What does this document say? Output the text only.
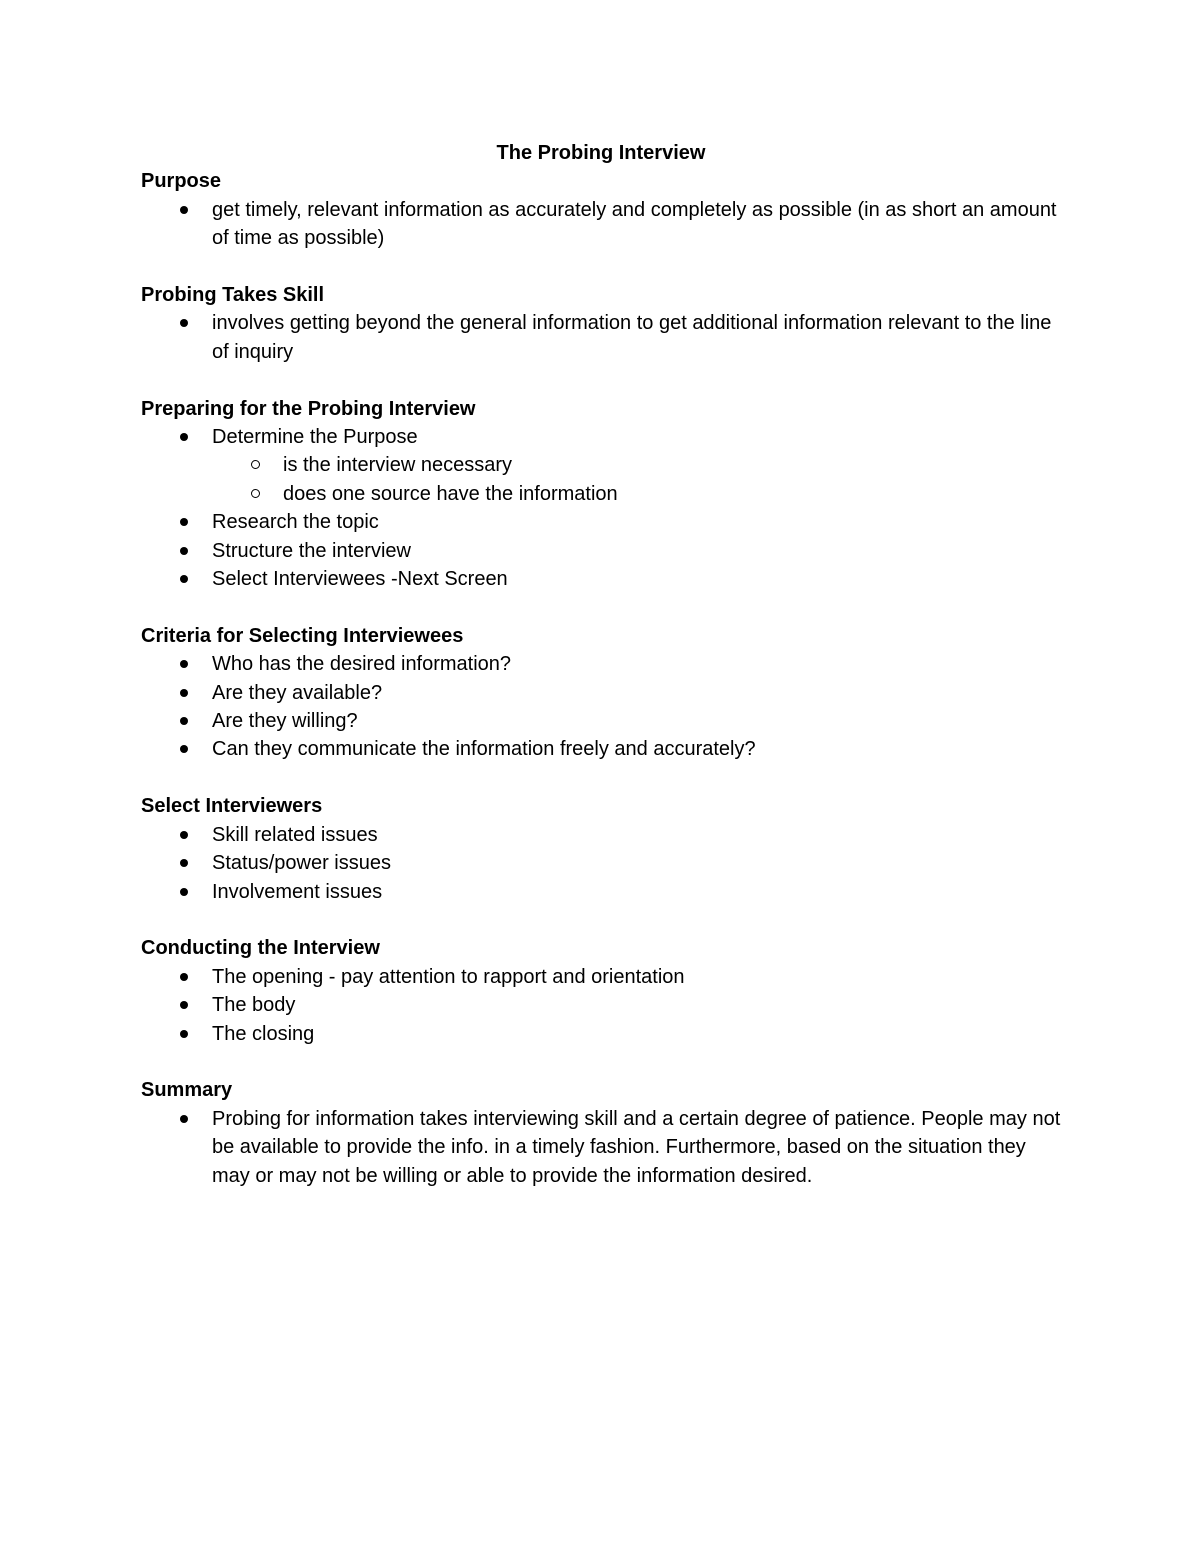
The Probing Interview
Purpose
get timely, relevant information as accurately and completely as possible (in as short an amount of time as possible)
Probing Takes Skill
involves getting beyond the general information to get additional information relevant to the line of inquiry
Preparing for the Probing Interview
Determine the Purpose
is the interview necessary
does one source have the information
Research the topic
Structure the interview
Select Interviewees -Next Screen
Criteria for Selecting Interviewees
Who has the desired information?
Are they available?
Are they willing?
Can they communicate the information freely and accurately?
Select Interviewers
Skill related issues
Status/power issues
Involvement issues
Conducting the Interview
The opening - pay attention to rapport and orientation
The body
The closing
Summary
Probing for information takes interviewing skill and a certain degree of patience. People may not be available to provide the info. in a timely fashion. Furthermore, based on the situation they may or may not be willing or able to provide the information desired.
